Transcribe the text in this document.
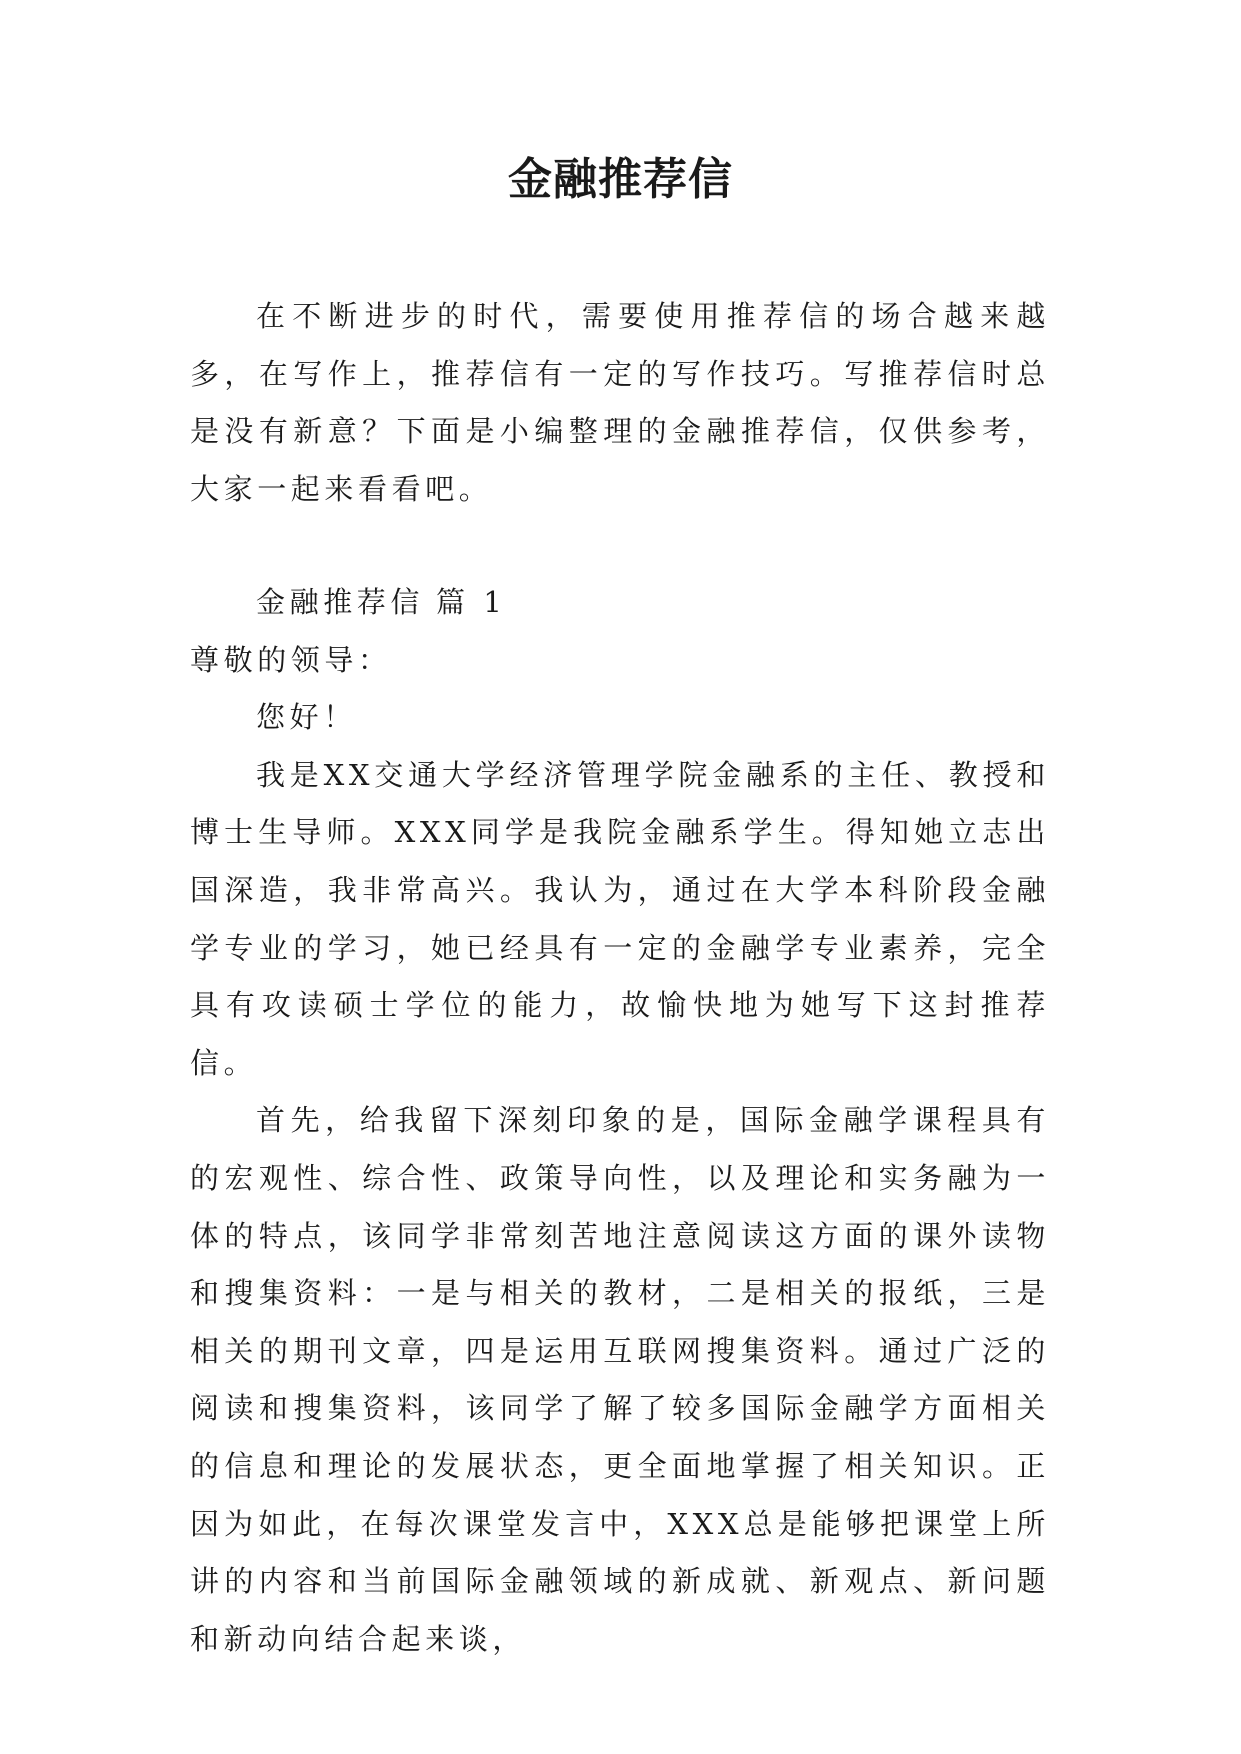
金融推荐信

在不断进步的时代，需要使用推荐信的场合越来越多，在写作上，推荐信有一定的写作技巧。写推荐信时总是没有新意？下面是小编整理的金融推荐信，仅供参考，大家一起来看看吧。

金融推荐信 篇 1

尊敬的领导：

您好！

我是XX交通大学经济管理学院金融系的主任、教授和博士生导师。XXX同学是我院金融系学生。得知她立志出国深造，我非常高兴。我认为，通过在大学本科阶段金融学专业的学习，她已经具有一定的金融学专业素养，完全具有攻读硕士学位的能力，故愉快地为她写下这封推荐信。

首先，给我留下深刻印象的是，国际金融学课程具有的宏观性、综合性、政策导向性，以及理论和实务融为一体的特点，该同学非常刻苦地注意阅读这方面的课外读物和搜集资料：一是与相关的教材，二是相关的报纸，三是相关的期刊文章，四是运用互联网搜集资料。通过广泛的阅读和搜集资料，该同学了解了较多国际金融学方面相关的信息和理论的发展状态，更全面地掌握了相关知识。正因为如此，在每次课堂发言中，XXX总是能够把课堂上所讲的内容和当前国际金融领域的新成就、新观点、新问题和新动向结合起来谈，
